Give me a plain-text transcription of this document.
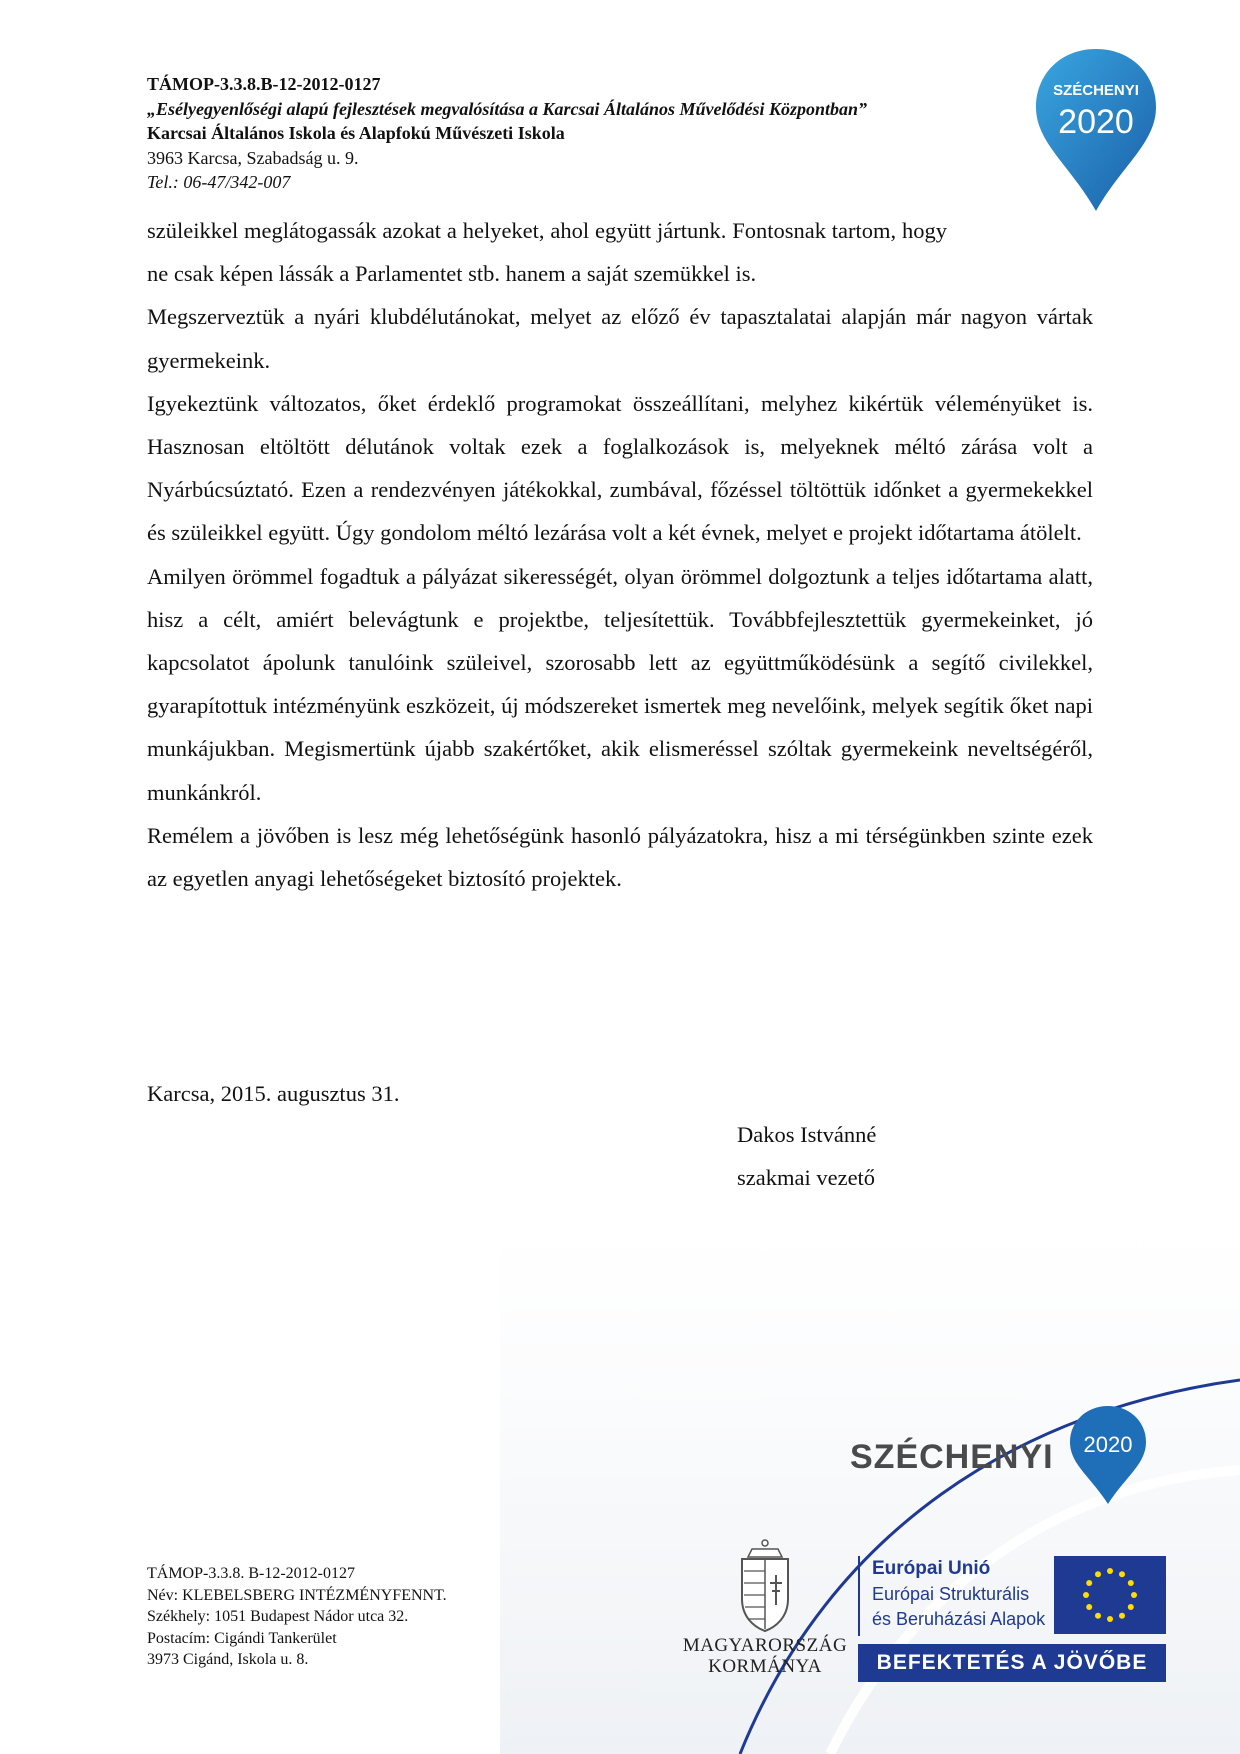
TÁMOP-3.3.8.B-12-2012-0127
„Esélyegyenlőségi alapú fejlesztések megvalósítása a Karcsai Általános Művelődési Központban”
Karcsai Általános Iskola és Alapfokú Művészeti Iskola
3963 Karcsa, Szabadság u. 9.
Tel.: 06-47/342-007
SZÉCHENYI
2020

szüleikkel meglátogassák azokat a helyeket, ahol együtt jártunk. Fontosnak tartom, hogy ne csak képen lássák a Parlamentet stb. hanem a saját szemükkel is.

Megszerveztük a nyári klubdélutánokat, melyet az előző év tapasztalatai alapján már nagyon vártak gyermekeink.

Igyekeztünk változatos, őket érdeklő programokat összeállítani, melyhez kikértük véleményüket is. Hasznosan eltöltött délutánok voltak ezek a foglalkozások is, melyeknek méltó zárása volt a Nyárbúcsúztató. Ezen a rendezvényen játékokkal, zumbával, főzéssel töltöttük időnket a gyermekekkel és szüleikkel együtt. Úgy gondolom méltó lezárása volt a két évnek, melyet e projekt időtartama átölelt.

Amilyen örömmel fogadtuk a pályázat sikerességét, olyan örömmel dolgoztunk a teljes időtartama alatt, hisz a célt, amiért belevágtunk e projektbe, teljesítettük. Továbbfejlesztettük gyermekeinket, jó kapcsolatot ápolunk tanulóink szüleivel, szorosabb lett az együttműködésünk a segítő civilekkel, gyarapítottuk intézményünk eszközeit, új módszereket ismertek meg nevelőink, melyek segítik őket napi munkájukban. Megismertünk újabb szakértőket, akik elismeréssel szóltak gyermekeink neveltségéről, munkánkról.

Remélem a jövőben is lesz még lehetőségünk hasonló pályázatokra, hisz a mi térségünkben szinte ezek az egyetlen anyagi lehetőségeket biztosító projektek.

Karcsa, 2015. augusztus 31.
Dakos Istvánné
szakmai vezető
SZÉCHENYI 2020
TÁMOP-3.3.8. B-12-2012-0127
Név: KLEBELSBERG INTÉZMÉNYFENNT.
Székhely: 1051 Budapest Nádor utca 32.
Postacím: Cigándi Tankerület
3973 Cigánd, Iskola u. 8.
MAGYARORSZÁG
KORMÁNYA
Európai Unió
Európai Strukturális
és Beruházási Alapok
BEFEKTETÉS A JÖVŐBE
